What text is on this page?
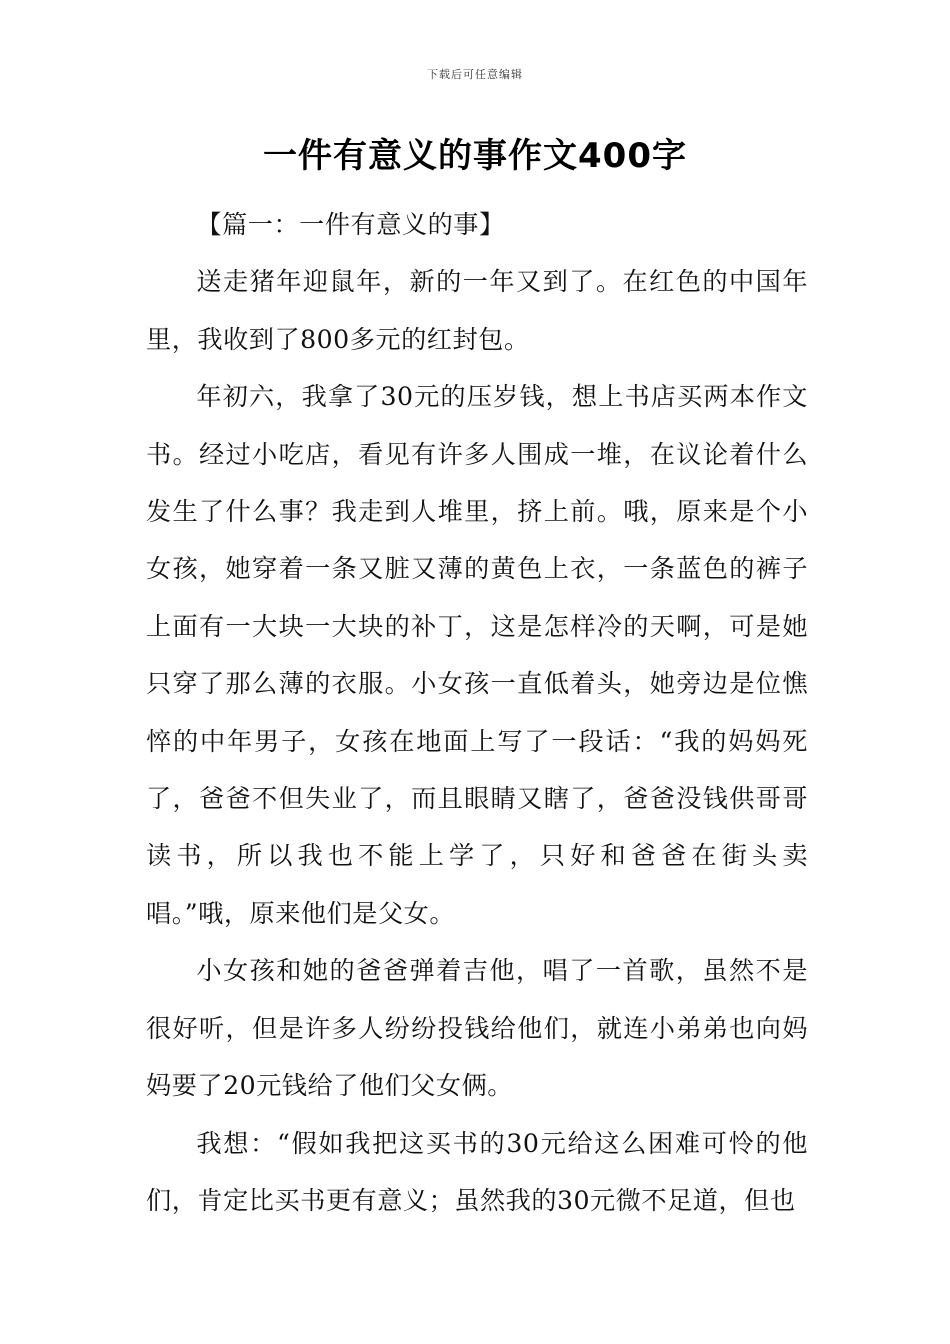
下载后可任意编辑
一件有意义的事作文400字

【篇一：一件有意义的事】

送走猪年迎鼠年，新的一年又到了。在红色的中国年里，我收到了800多元的红封包。

年初六，我拿了30元的压岁钱，想上书店买两本作文书。经过小吃店，看见有许多人围成一堆，在议论着什么发生了什么事？我走到人堆里，挤上前。哦，原来是个小女孩，她穿着一条又脏又薄的黄色上衣，一条蓝色的裤子上面有一大块一大块的补丁，这是怎样冷的天啊，可是她只穿了那么薄的衣服。小女孩一直低着头，她旁边是位憔悴的中年男子，女孩在地面上写了一段话：“我的妈妈死了，爸爸不但失业了，而且眼睛又瞎了，爸爸没钱供哥哥读书，所以我也不能上学了，只好和爸爸在街头卖唱。”哦，原来他们是父女。

小女孩和她的爸爸弹着吉他，唱了一首歌，虽然不是很好听，但是许多人纷纷投钱给他们，就连小弟弟也向妈妈要了20元钱给了他们父女俩。

我想：“假如我把这买书的30元给这么困难可怜的他们，肯定比买书更有意义；虽然我的30元微不足道，但也
